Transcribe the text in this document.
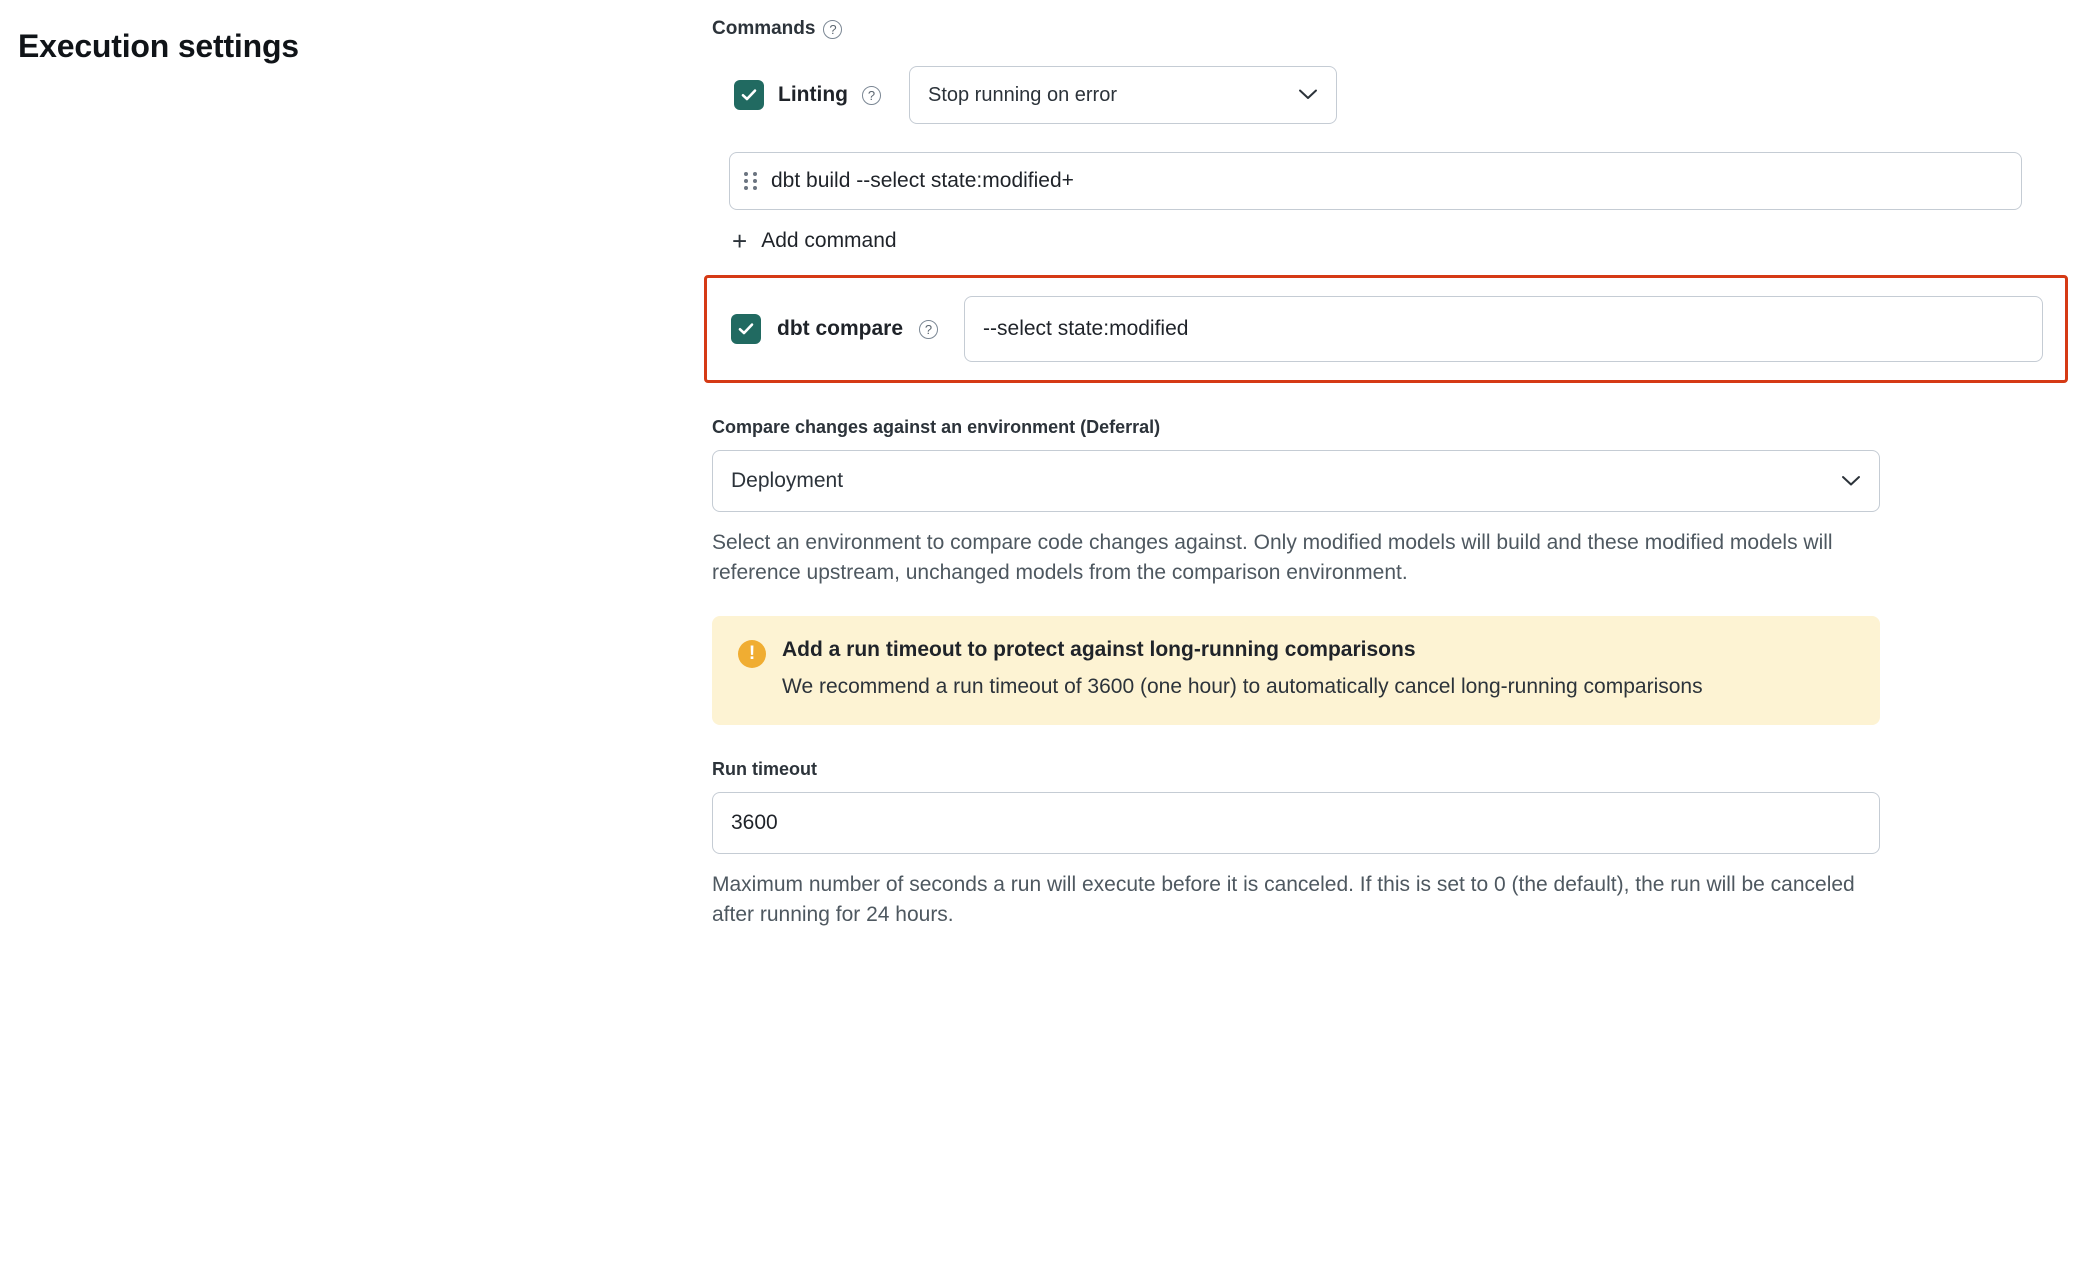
Execution settings	Commands	?
Linting	?	Stop running on error
dbt build --select state:modified+
+ Add command
dbt compare	? --select state:modified
Compare changes against an environment (Deferral)
Deployment
Select an environment to compare code changes against. Only modified models will build and these modified models will reference upstream, unchanged models from the comparison environment.
!	Add a run timeout to protect against long-running comparisons
We recommend a run timeout of 3600 (one hour) to automatically cancel long-running comparisons
Run timeout
3600
Maximum number of seconds a run will execute before it is canceled. If this is set to 0 (the default), the run will be canceled after running for 24 hours.
